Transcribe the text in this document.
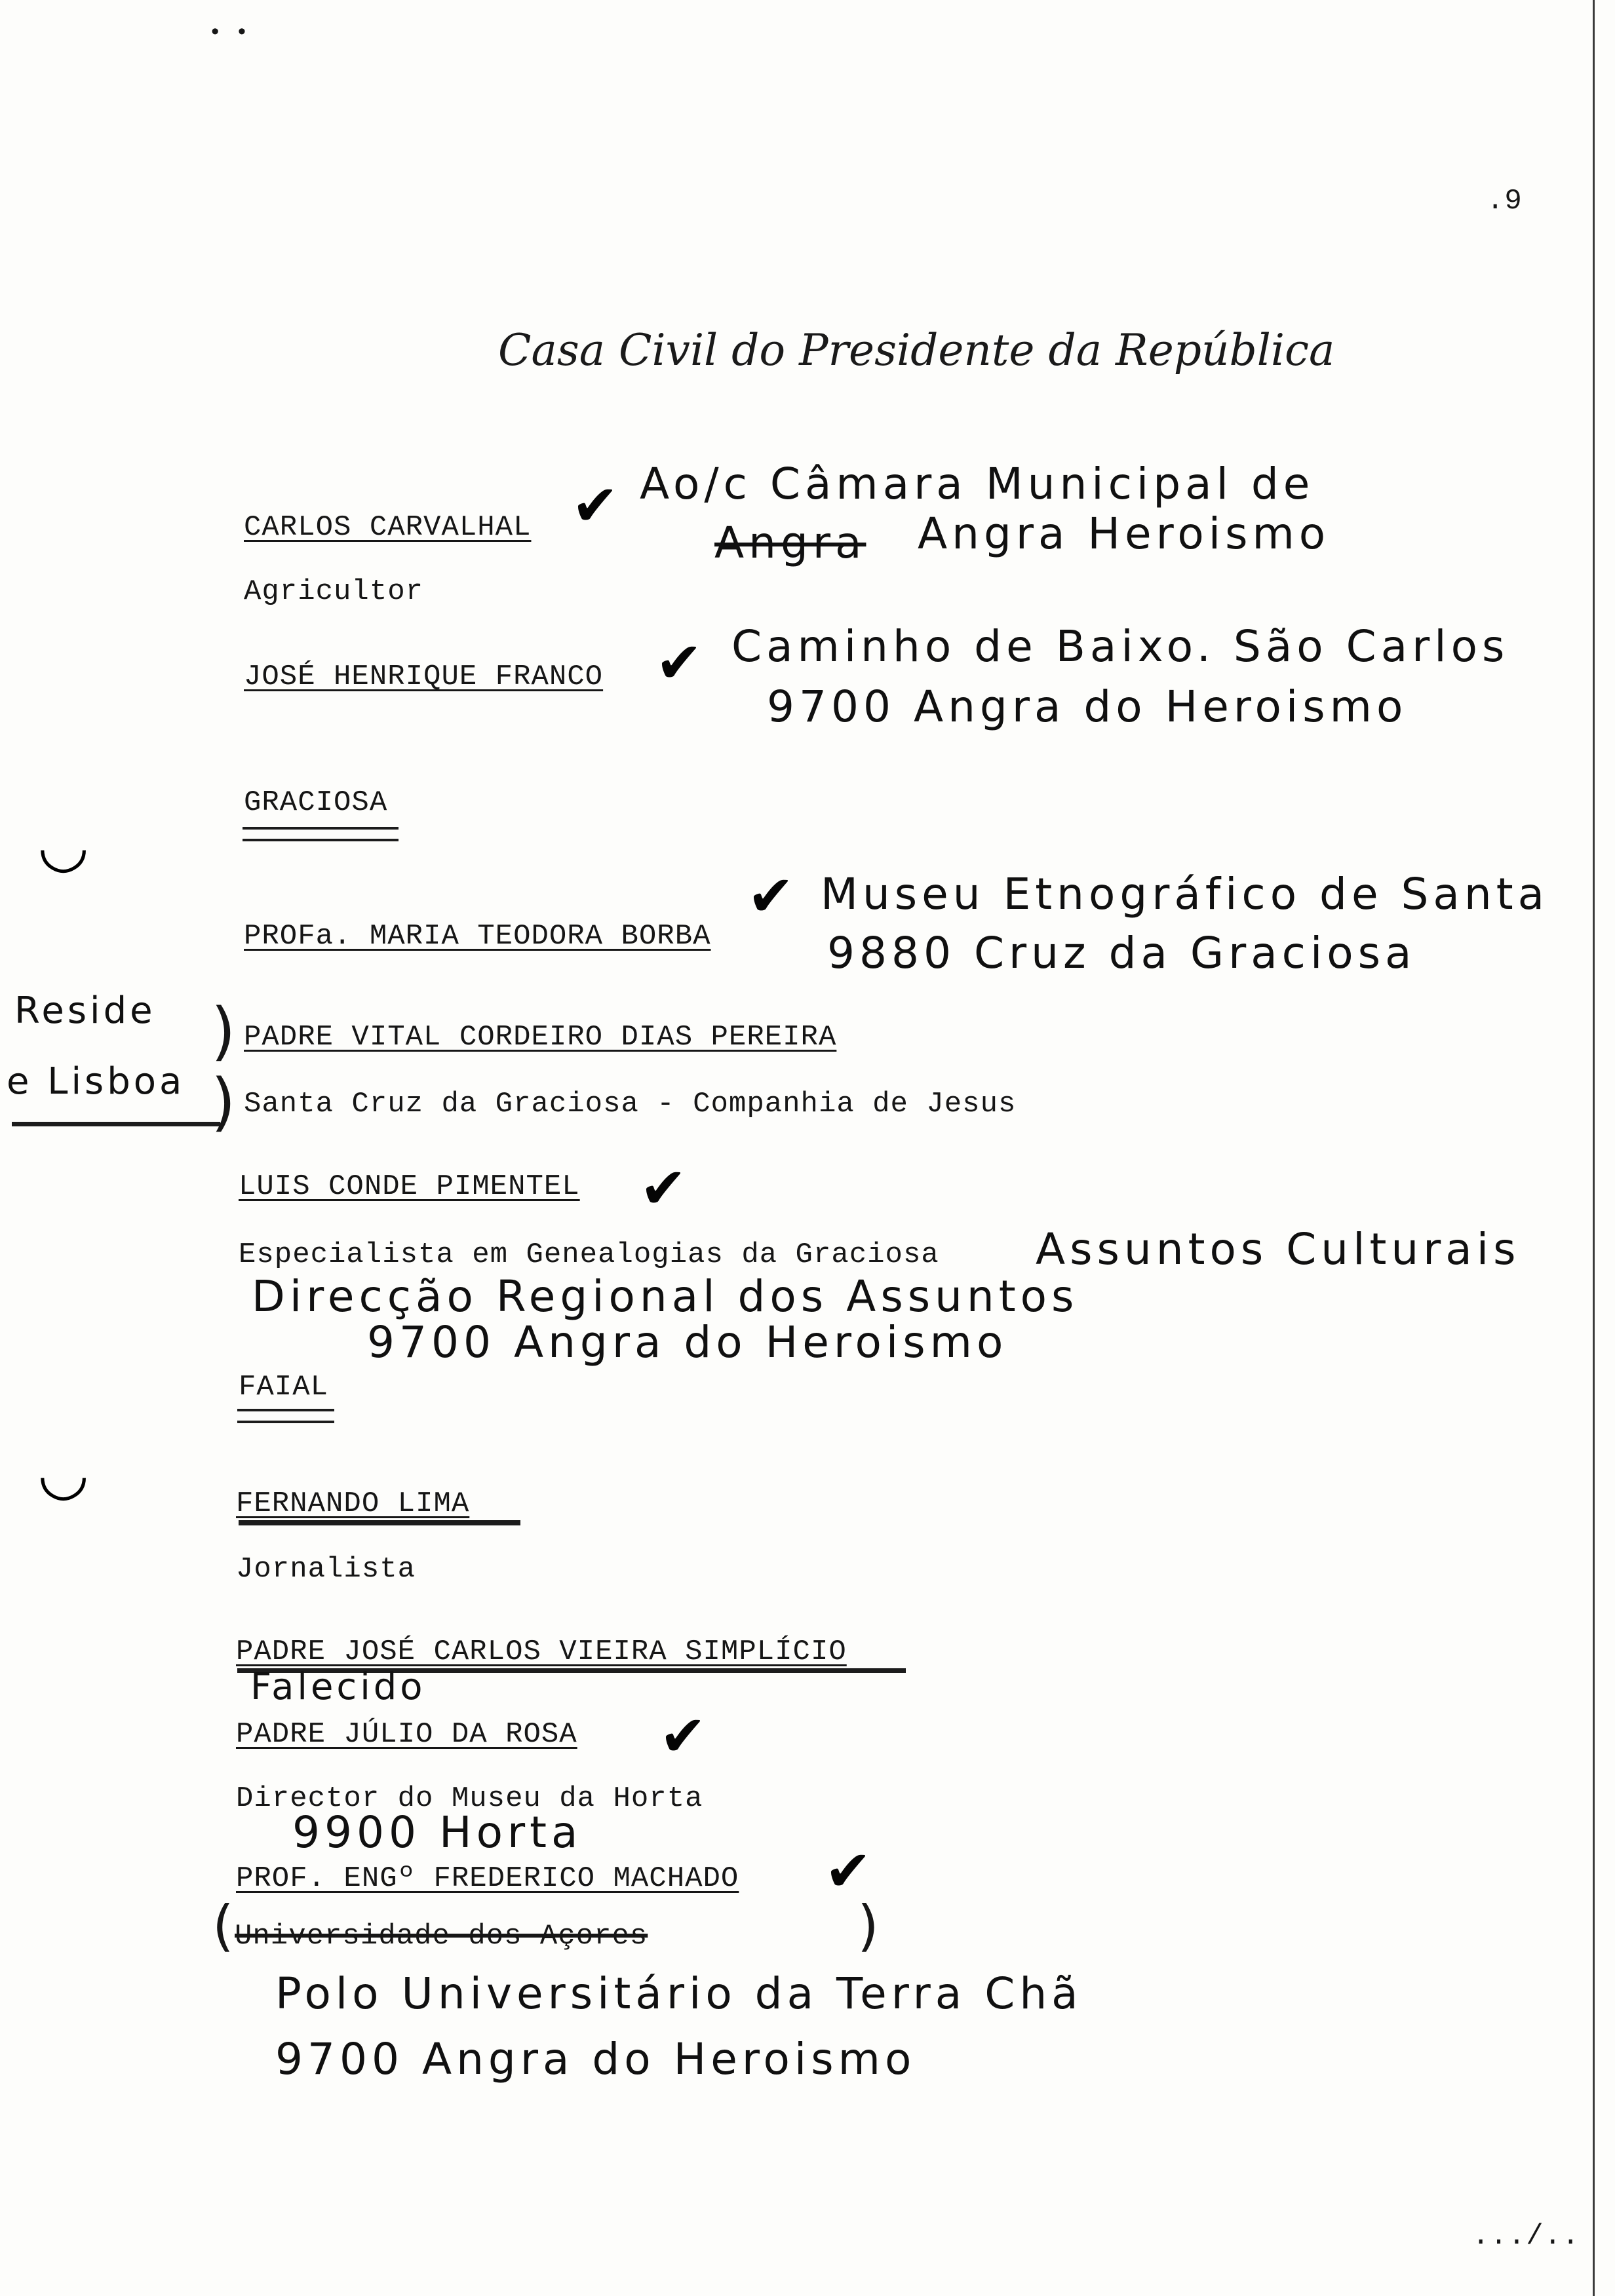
• •
.9
Casa Civil do Presidente da República
◡
◡
CARLOS CARVALHAL ✔ Ao/c Câmara Municipal de
Angra Angra Heroismo
Agricultor
JOSÉ HENRIQUE FRANCO ✔ Caminho de Baixo. São Carlos
9700 Angra do Heroismo
GRACIOSA
PROFa. MARIA TEODORA BORBA
✔ Museu Etnográfico de Santa
9880 Cruz da Graciosa
Reside
e Lisboa
)
)
PADRE VITAL CORDEIRO DIAS PEREIRA
Santa Cruz da Graciosa - Companhia de Jesus
LUIS CONDE PIMENTEL ✔
Especialista em Genealogias da Graciosa Assuntos Culturais
Direcção Regional dos Assuntos
9700 Angra do Heroismo
FAIAL
FERNANDO LIMA
Jornalista
PADRE JOSÉ CARLOS VIEIRA SIMPLÍCIO
Falecido
PADRE JÚLIO DA ROSA ✔
Director do Museu da Horta
9900 Horta
PROF. ENGº FREDERICO MACHADO ✔
( Universidade dos Açores	)
Polo Universitário da Terra Chã
9700 Angra do Heroismo
.../..
